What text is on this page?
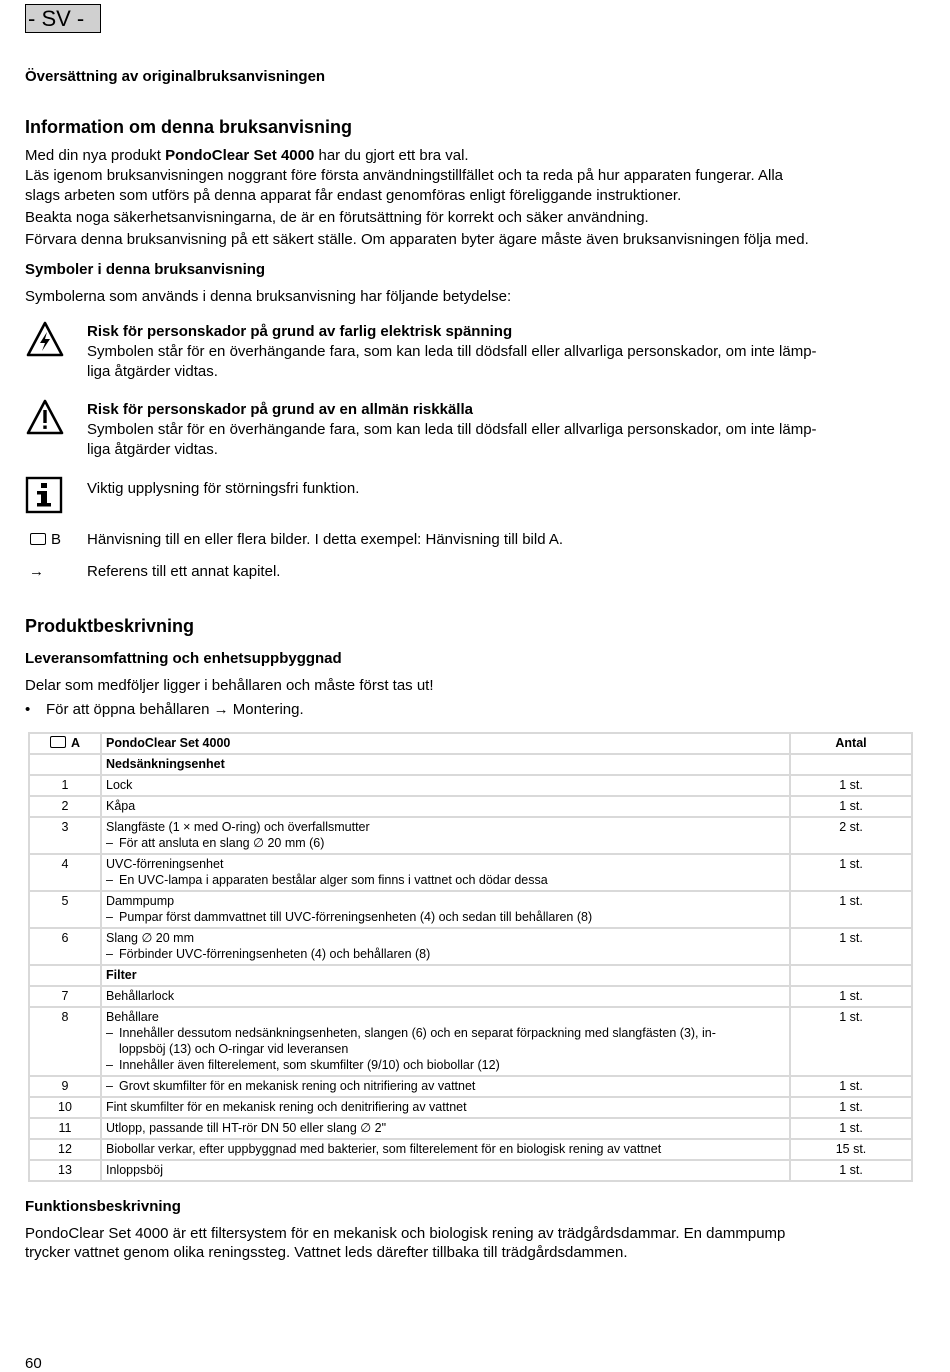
- SV -
Översättning av originalbruksanvisningen
Information om denna bruksanvisning
Med din nya produkt PondoClear Set 4000 har du gjort ett bra val.
Läs igenom bruksanvisningen noggrant före första användningstillfället och ta reda på hur apparaten fungerar. Alla
slags arbeten som utförs på denna apparat får endast genomföras enligt föreliggande instruktioner.
Beakta noga säkerhetsanvisningarna, de är en förutsättning för korrekt och säker användning.
Förvara denna bruksanvisning på ett säkert ställe. Om apparaten byter ägare måste även bruksanvisningen följa med.
Symboler i denna bruksanvisning
Symbolerna som används i denna bruksanvisning har följande betydelse:
Risk för personskador på grund av farlig elektrisk spänning
Symbolen står för en överhängande fara, som kan leda till dödsfall eller allvarliga personskador, om inte lämp-
liga åtgärder vidtas.
Risk för personskador på grund av en allmän riskkälla
Symbolen står för en överhängande fara, som kan leda till dödsfall eller allvarliga personskador, om inte lämp-
liga åtgärder vidtas.
Viktig upplysning för störningsfri funktion.
B Hänvisning till en eller flera bilder. I detta exempel: Hänvisning till bild A.
→	Referens till ett annat kapitel.
Produktbeskrivning
Leveransomfattning och enhetsuppbyggnad
Delar som medföljer ligger i behållaren och måste först tas ut!
• För att öppna behållaren → Montering.
A	PondoClear Set 4000	Antal
	Nedsänkningsenhet	
1	Lock	1 st.
2	Kåpa	1 st.
3	Slangfäste (1 × med O-ring) och överfallsmutter
– För att ansluta en slang ∅ 20 mm (6)	2 st.
4	UVC-förreningsenhet
– En UVC-lampa i apparaten bestålar alger som finns i vattnet och dödar dessa	1 st.
5	Dammpump
– Pumpar först dammvattnet till UVC-förreningsenheten (4) och sedan till behållaren (8)	1 st.
6	Slang ∅ 20 mm
– Förbinder UVC-förreningsenheten (4) och behållaren (8)	1 st.
	Filter	
7	Behållarlock	1 st.
8	Behållare
– Innehåller dessutom nedsänkningsenheten, slangen (6) och en separat förpackning med slangfästen (3), in-
loppsböj (13) och O-ringar vid leveransen
– Innehåller även filterelement, som skumfilter (9/10) och biobollar (12)	1 st.
9	– Grovt skumfilter för en mekanisk rening och nitrifiering av vattnet	1 st.
10	Fint skumfilter för en mekanisk rening och denitrifiering av vattnet	1 st.
11	Utlopp, passande till HT-rör DN 50 eller slang ∅ 2"	1 st.
12	Biobollar verkar, efter uppbyggnad med bakterier, som filterelement för en biologisk rening av vattnet	15 st.
13	Inloppsböj	1 st.
Funktionsbeskrivning
PondoClear Set 4000 är ett filtersystem för en mekanisk och biologisk rening av trädgårdsdammar. En dammpump
trycker vattnet genom olika reningssteg. Vattnet leds därefter tillbaka till trädgårdsdammen.
60
